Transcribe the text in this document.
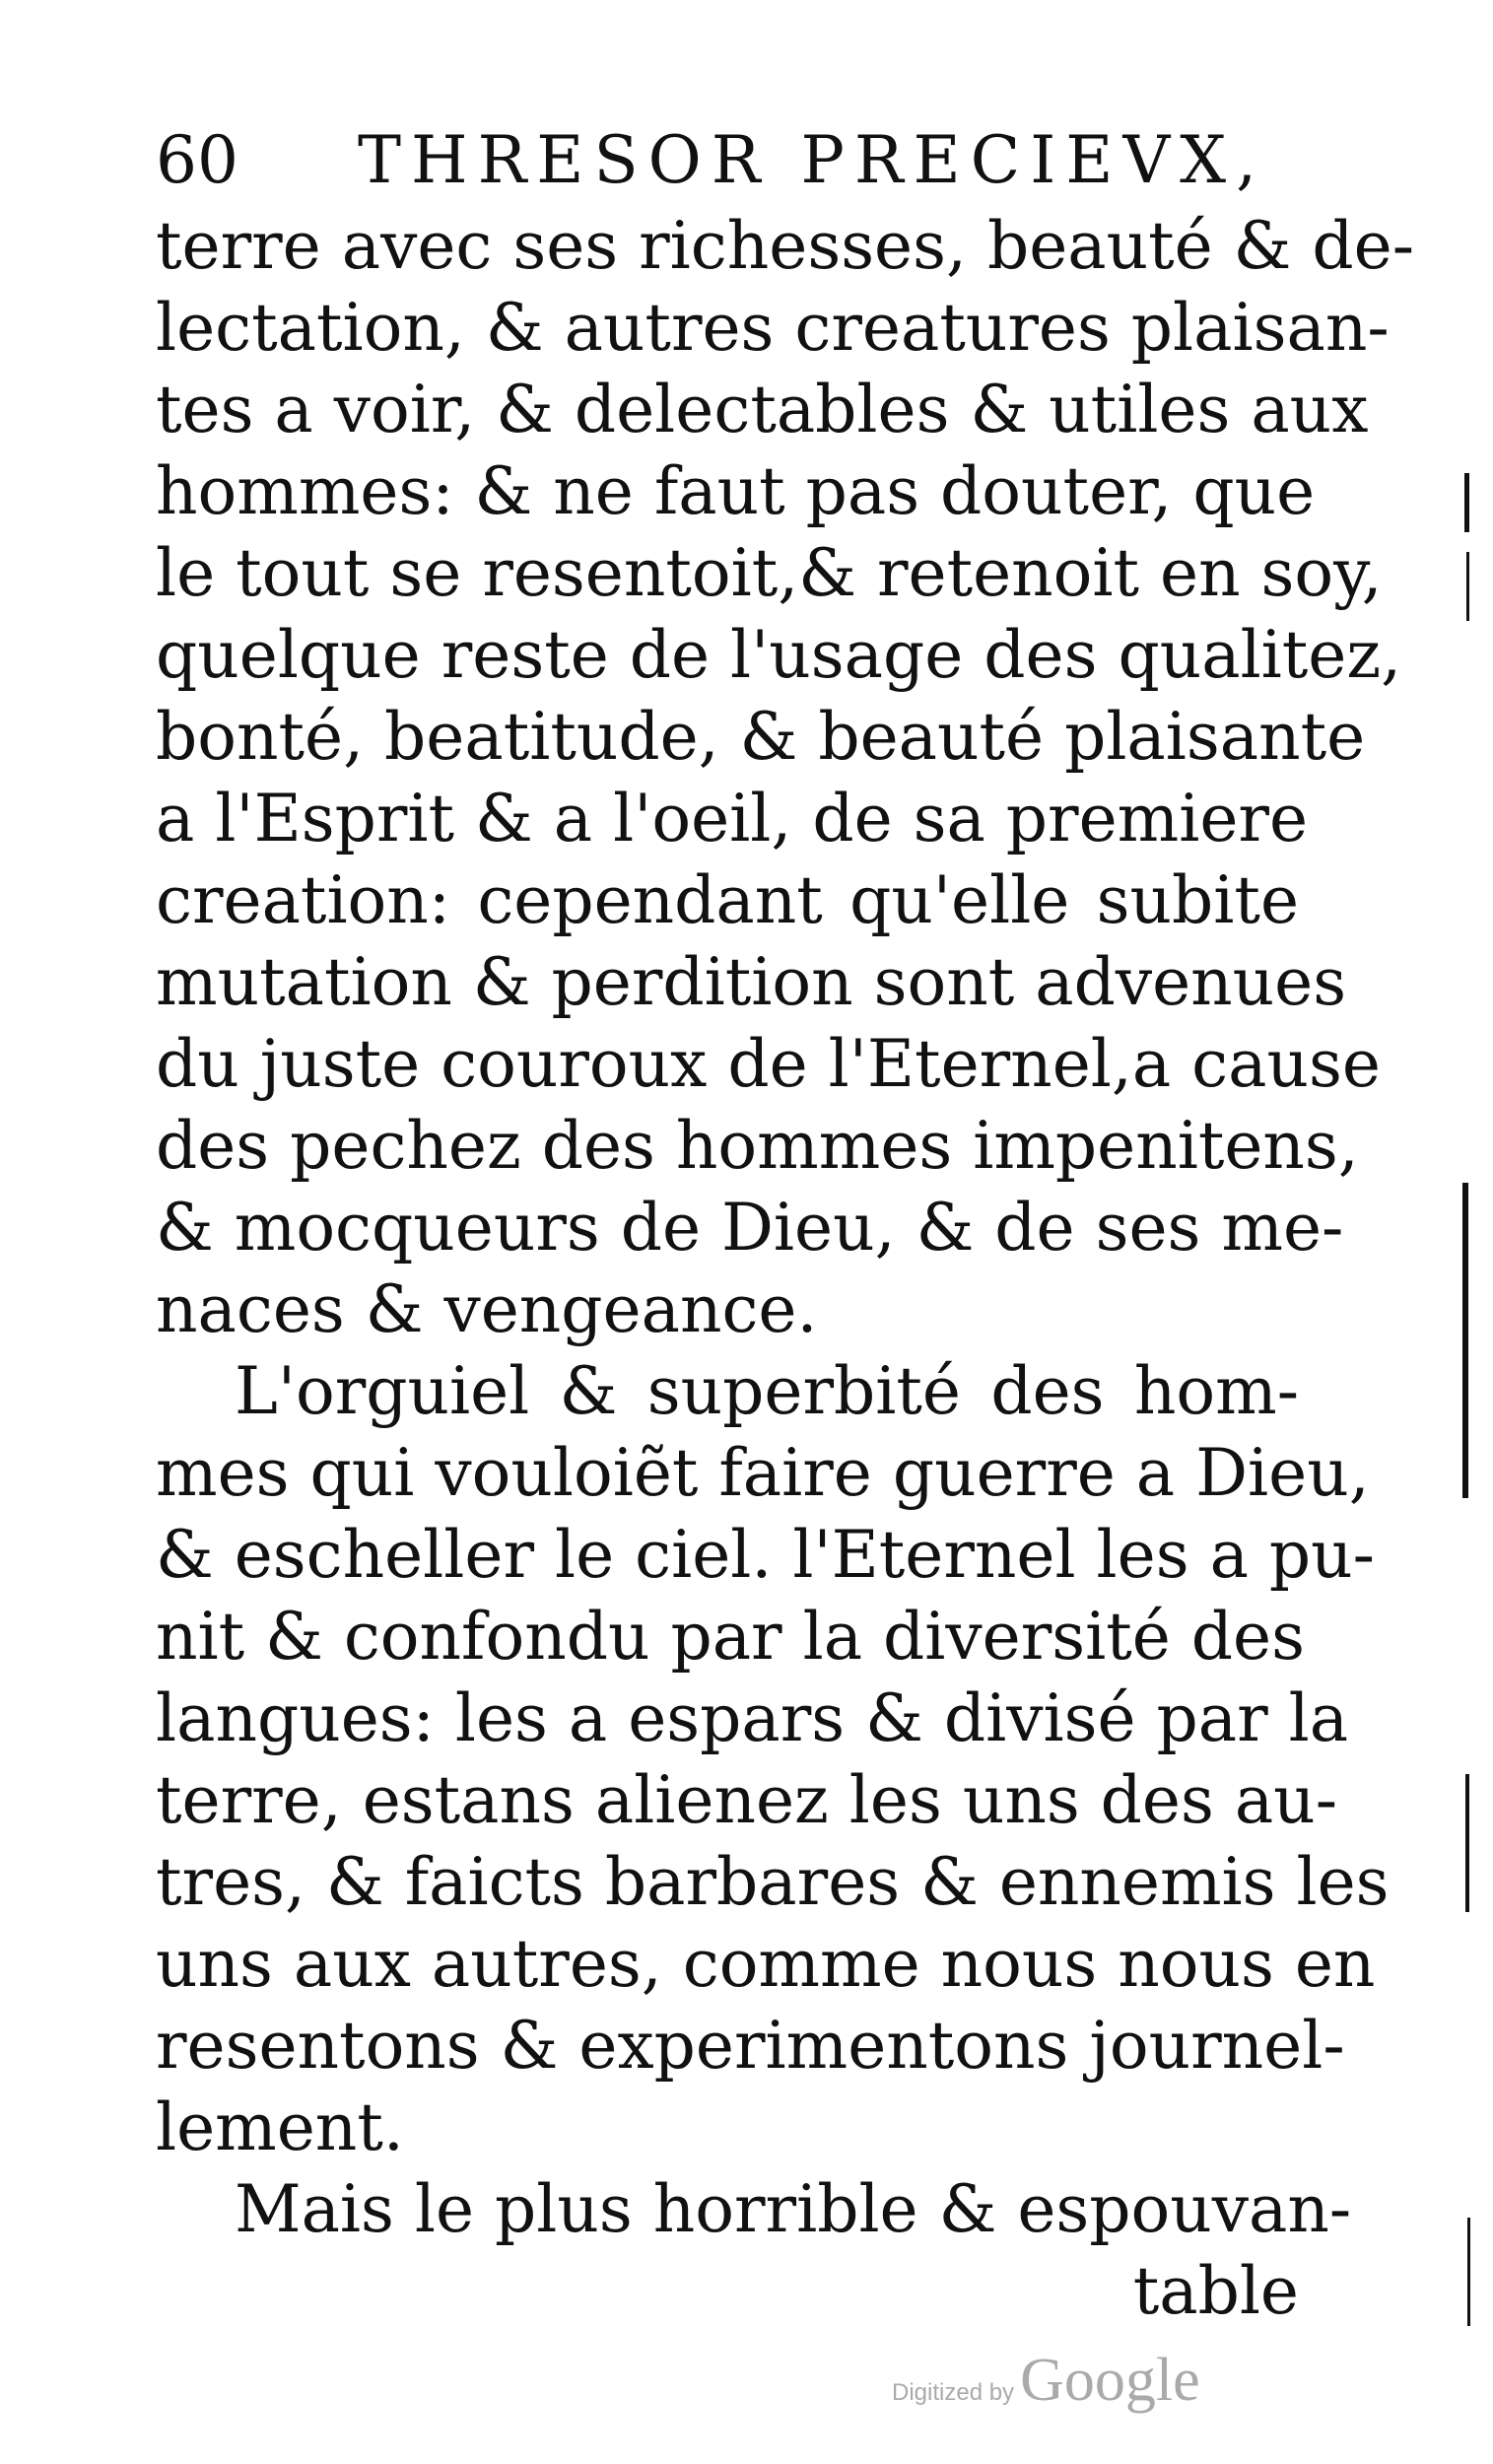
60 THRESOR PRECIEVX,
terre avec ses richesses, beauté & de-
lectation, & autres creatures plaisan-
tes a voir, & delectables & utiles aux
hommes: & ne faut pas douter, que
le tout se resentoit,& retenoit en soy,
quelque reste de l'usage des qualitez,
bonté, beatitude, & beauté plaisante
a l'Esprit & a l'oeil, de sa premiere
creation: cependant qu'elle subite
mutation & perdition sont advenues
du juste couroux de l'Eternel,a cause
des pechez des hommes impenitens,
& mocqueurs de Dieu, & de ses me-
naces & vengeance.
L'orguiel & superbité des hom-
mes qui vouloiẽt faire guerre a Dieu,
& escheller le ciel. l'Eternel les a pu-
nit & confondu par la diversité des
langues: les a espars & divisé par la
terre, estans alienez les uns des au-
tres, & faicts barbares & ennemis les
uns aux autres, comme nous nous en
resentons & experimentons journel-
lement.
Mais le plus horrible & espouvan-
table
Digitized byGoogle
